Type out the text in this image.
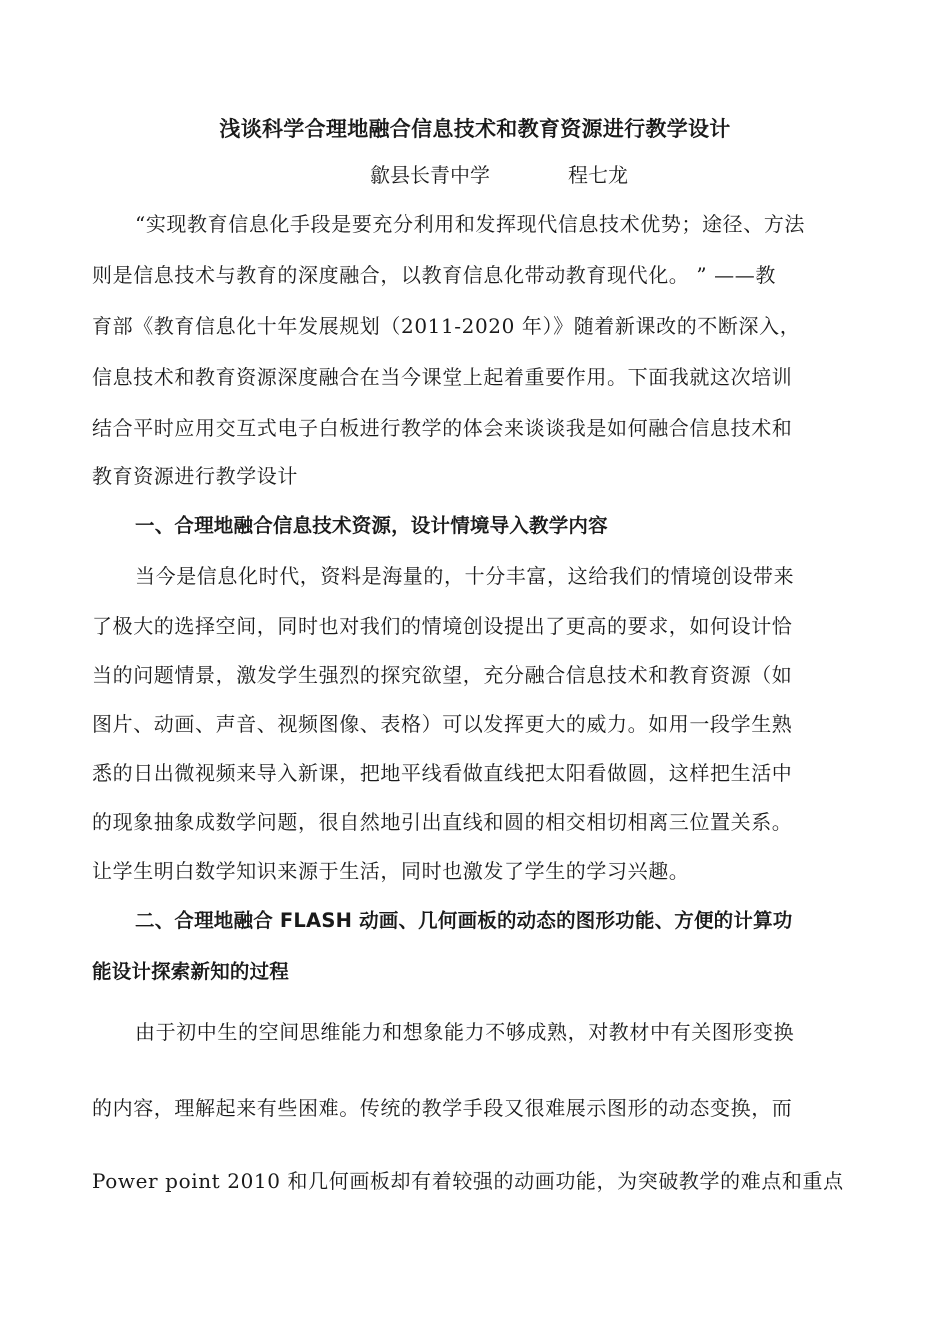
浅谈科学合理地融合信息技术和教育资源进行教学设计
歙县长青中学	程七龙
“实现教育信息化手段是要充分利用和发挥现代信息技术优势；途径、方法
则是信息技术与教育的深度融合，以教育信息化带动教育现代化。 ” ——教
育部《教育信息化十年发展规划（2011-2020 年）》随着新课改的不断深入，
信息技术和教育资源深度融合在当今课堂上起着重要作用。下面我就这次培训
结合平时应用交互式电子白板进行教学的体会来谈谈我是如何融合信息技术和
教育资源进行教学设计
一、合理地融合信息技术资源，设计情境导入教学内容
当今是信息化时代，资料是海量的，十分丰富，这给我们的情境创设带来
了极大的选择空间，同时也对我们的情境创设提出了更高的要求，如何设计恰
当的问题情景，激发学生强烈的探究欲望，充分融合信息技术和教育资源（如
图片、动画、声音、视频图像、表格）可以发挥更大的威力。如用一段学生熟
悉的日出微视频来导入新课，把地平线看做直线把太阳看做圆，这样把生活中
的现象抽象成数学问题，很自然地引出直线和圆的相交相切相离三位置关系。
让学生明白数学知识来源于生活，同时也激发了学生的学习兴趣。
二、合理地融合 FLASH 动画、几何画板的动态的图形功能、方便的计算功
能设计探索新知的过程
由于初中生的空间思维能力和想象能力不够成熟，对教材中有关图形变换
的内容，理解起来有些困难。传统的教学手段又很难展示图形的动态变换，而
Power point 2010 和几何画板却有着较强的动画功能，为突破教学的难点和重点
